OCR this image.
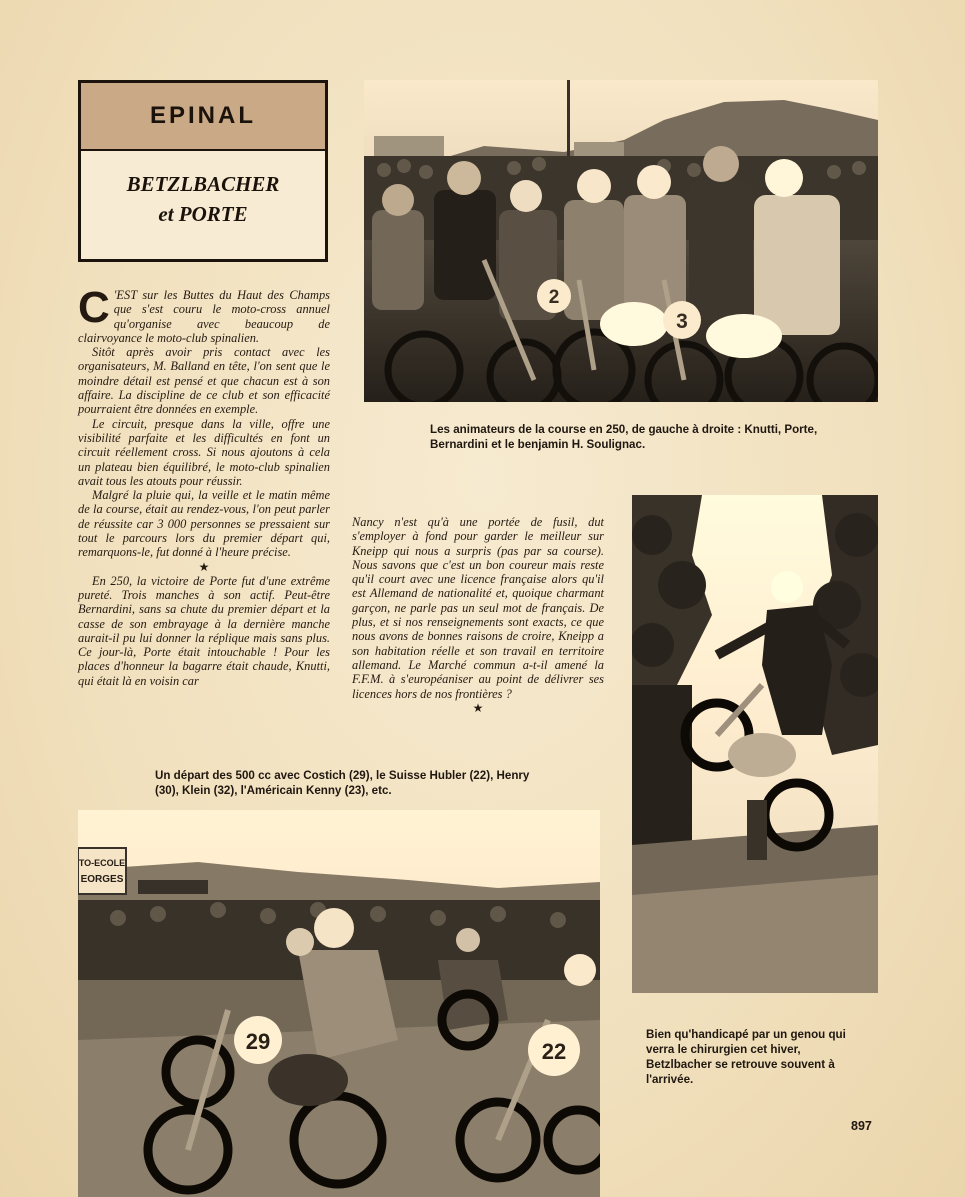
EPINAL
BETZLBACHER
et PORTE

C 'EST sur les Buttes du Haut des Champs que s'est couru le moto-cross annuel qu'organise avec beaucoup de clairvoyance le moto-club spinalien.

Sitôt après avoir pris contact avec les organisateurs, M. Balland en tête, l'on sent que le moindre détail est pensé et que chacun est à son affaire. La discipline de ce club et son efficacité pourraient être données en exemple.

Le circuit, presque dans la ville, offre une visibilité parfaite et les difficultés en font un circuit réellement cross. Si nous ajoutons à cela un plateau bien équilibré, le moto-club spinalien avait tous les atouts pour réussir.

Malgré la pluie qui, la veille et le matin même de la course, était au rendez-vous, l'on peut parler de réussite car 3 000 personnes se pressaient sur tout le parcours lors du premier départ qui, remarquons-le, fut donné à l'heure précise.

★

En 250, la victoire de Porte fut d'une extrême pureté. Trois manches à son actif. Peut-être Bernardini, sans sa chute du premier départ et la casse de son embrayage à la dernière manche aurait-il pu lui donner la réplique mais sans plus. Ce jour-là, Porte était intouchable ! Pour les places d'honneur la bagarre était chaude, Knutti, qui était là en voisin car

Nancy n'est qu'à une portée de fusil, dut s'employer à fond pour garder le meilleur sur Kneipp qui nous a surpris (pas par sa course). Nous savons que c'est un bon coureur mais reste qu'il court avec une licence française alors qu'il est Allemand de nationalité et, quoique charmant garçon, ne parle pas un seul mot de français. De plus, et si nos renseignements sont exacts, ce que nous avons de bonnes raisons de croire, Kneipp a son habitation réelle et son travail en territoire allemand. Le Marché commun a-t-il amené la F.F.M. à s'européaniser au point de délivrer ses licences hors de nos frontières ?

★
2
3
Les animateurs de la course en 250, de gauche à droite : Knutti, Porte, Bernardini et le benjamin H. Soulignac.
Bien qu'handicapé par un genou qui verra le chirurgien cet hiver, Betzlbacher se retrouve souvent à l'arrivée.
Un départ des 500 cc avec Costich (29), le Suisse Hubler (22), Henry (30), Klein (32), l'Américain Kenny (23), etc.
TO-ECOLE
EORGES
29	22
897
